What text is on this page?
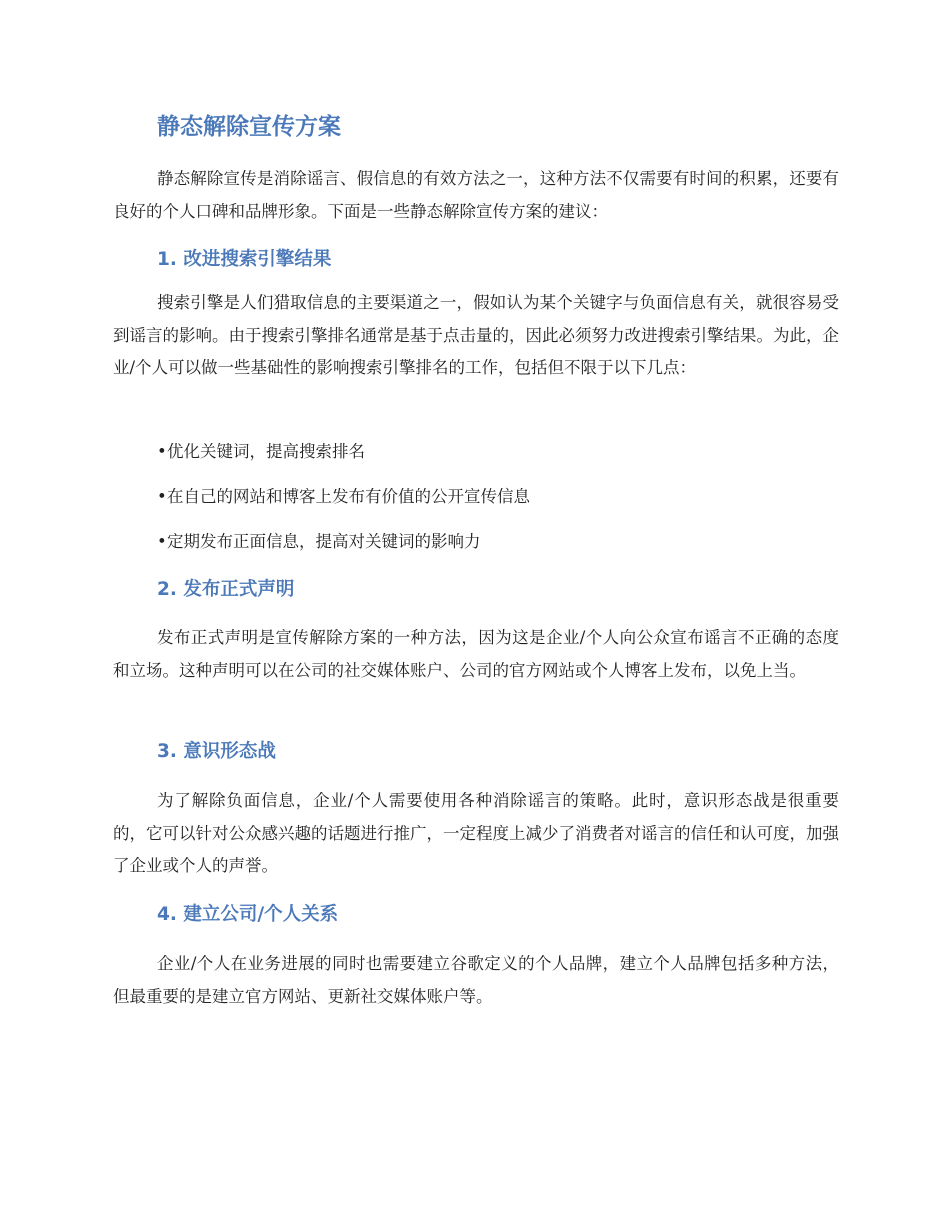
静态解除宣传方案

静态解除宣传是消除谣言、假信息的有效方法之一，这种方法不仅需要有时间的积累，还要有良好的个人口碑和品牌形象。下面是一些静态解除宣传方案的建议：

1. 改进搜索引擎结果

搜索引擎是人们猎取信息的主要渠道之一，假如认为某个关键字与负面信息有关，就很容易受到谣言的影响。由于搜索引擎排名通常是基于点击量的，因此必须努力改进搜索引擎结果。为此，企业/个人可以做一些基础性的影响搜索引擎排名的工作，包括但不限于以下几点：

•优化关键词，提高搜索排名
•在自己的网站和博客上发布有价值的公开宣传信息
•定期发布正面信息，提高对关键词的影响力
2. 发布正式声明

发布正式声明是宣传解除方案的一种方法，因为这是企业/个人向公众宣布谣言不正确的态度和立场。这种声明可以在公司的社交媒体账户、公司的官方网站或个人博客上发布，以免上当。

3. 意识形态战

为了解除负面信息，企业/个人需要使用各种消除谣言的策略。此时，意识形态战是很重要的，它可以针对公众感兴趣的话题进行推广，一定程度上减少了消费者对谣言的信任和认可度，加强了企业或个人的声誉。

4. 建立公司/个人关系

企业/个人在业务进展的同时也需要建立谷歌定义的个人品牌，建立个人品牌包括多种方法，但最重要的是建立官方网站、更新社交媒体账户等。
